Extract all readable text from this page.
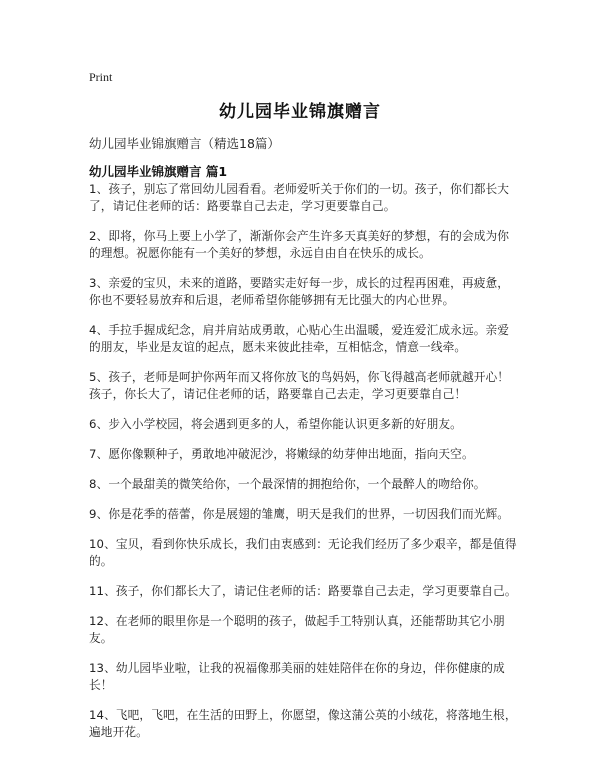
Print
幼儿园毕业锦旗赠言
幼儿园毕业锦旗赠言（精选18篇）
幼儿园毕业锦旗赠言 篇1

1、孩子，别忘了常回幼儿园看看。老师爱听关于你们的一切。孩子，你们都长大了，请记住老师的话：路要靠自己去走，学习更要靠自己。

2、即将，你马上要上小学了，渐渐你会产生许多天真美好的梦想，有的会成为你的理想。祝愿你能有一个美好的梦想，永远自由自在快乐的成长。

3、亲爱的宝贝，未来的道路，要踏实走好每一步，成长的过程再困难，再疲惫，你也不要轻易放弃和后退，老师希望你能够拥有无比强大的内心世界。

4、手拉手握成纪念，肩并肩站成勇敢，心贴心生出温暖，爱连爱汇成永远。亲爱的朋友，毕业是友谊的起点，愿未来彼此挂牵，互相惦念，情意一线牵。

5、孩子，老师是呵护你两年而又将你放飞的鸟妈妈，你飞得越高老师就越开心！孩子，你长大了，请记住老师的话，路要靠自己去走，学习更要靠自己！

6、步入小学校园，将会遇到更多的人，希望你能认识更多新的好朋友。

7、愿你像颗种子，勇敢地冲破泥沙，将嫩绿的幼芽伸出地面，指向天空。

8、一个最甜美的微笑给你，一个最深情的拥抱给你，一个最醉人的吻给你。

9、你是花季的蓓蕾，你是展翅的雏鹰，明天是我们的世界，一切因我们而光辉。

10、宝贝，看到你快乐成长，我们由衷感到：无论我们经历了多少艰辛，都是值得的。

11、孩子，你们都长大了，请记住老师的话：路要靠自己去走，学习更要靠自己。

12、在老师的眼里你是一个聪明的孩子，做起手工特别认真，还能帮助其它小朋友。

13、幼儿园毕业啦，让我的祝福像那美丽的娃娃陪伴在你的身边，伴你健康的成长！

14、飞吧，飞吧，在生活的田野上，你愿望，像这蒲公英的小绒花，将落地生根，遍地开花。
